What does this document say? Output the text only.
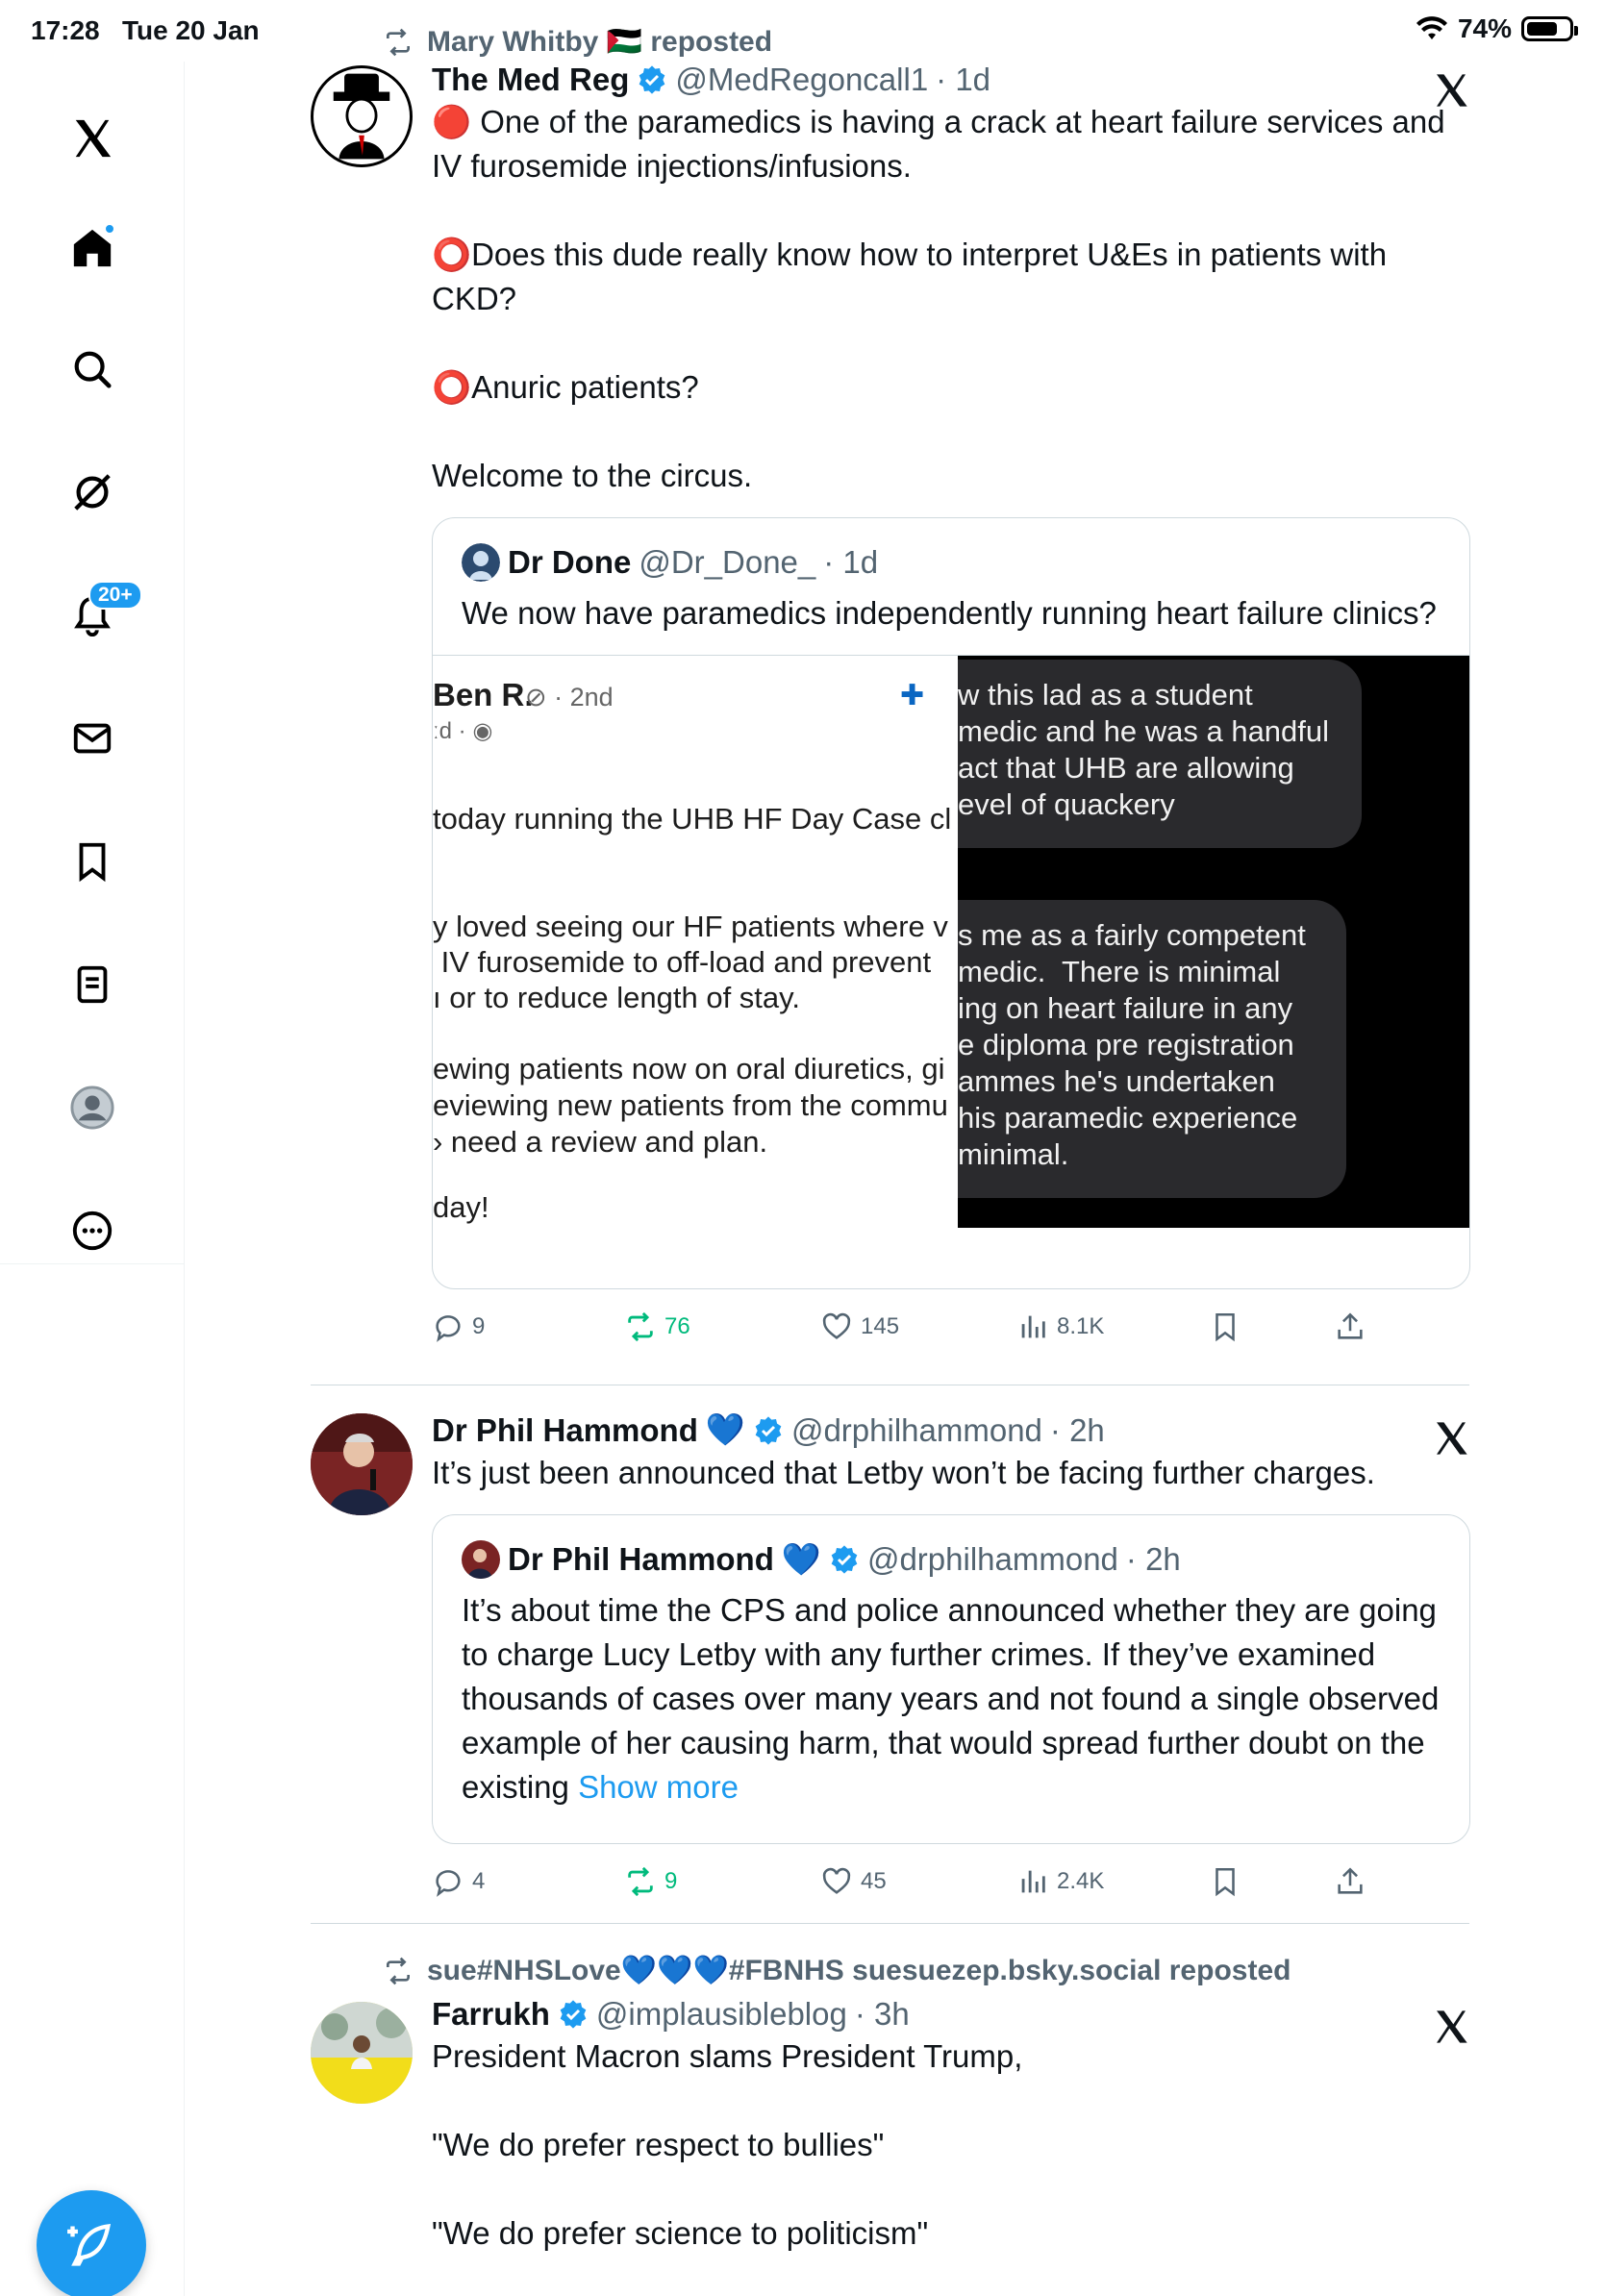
17:28 Tue 20 Jan	74%
20+
Mary Whitby 🇵🇸 reposted
The Med Reg @MedRegoncall1 · 1d
🔴 One of the paramedics is having a crack at heart failure services and IV furosemide injections/infusions.

⭕Does this dude really know how to interpret U&Es in patients with CKD?

⭕Anuric patients?

Welcome to the circus.
Dr Done @Dr_Done_ · 1d
We now have paramedics independently running heart failure clinics?
Ben R.
⊘ · 2nd
ːd · ◉
today running the UHB HF Day Case cl
y loved seeing our HF patients where v
IV furosemide to off-load and prevent
ı or to reduce length of stay.
ewing patients now on oral diuretics, gi
eviewing new patients from the commu
› need a review and plan.
day!
✚	w this lad as a student
medic and he was a handful
act that UHB are allowing
evel of quackery
s me as a fairly competent
medic.  There is minimal
ing on heart failure in any
e diploma pre registration
ammes he's undertaken
his paramedic experience
minimal.
9	76	145	8.1K
Dr Phil Hammond 💙 @drphilhammond · 2h
It’s just been announced that Letby won’t be facing further charges.
Dr Phil Hammond 💙 @drphilhammond · 2h
It’s about time the CPS and police announced whether they are going to charge Lucy Letby with any further crimes. If they’ve examined thousands of cases over many years and not found a single observed example of her causing harm, that would spread further doubt on the existing Show more
4	9	45	2.4K
sue#NHSLove💙💙💙#FBNHS suesuezep.bsky.social reposted
Farrukh @implausibleblog · 3h
President Macron slams President Trump,

"We do prefer respect to bullies"

"We do prefer science to politicism"
